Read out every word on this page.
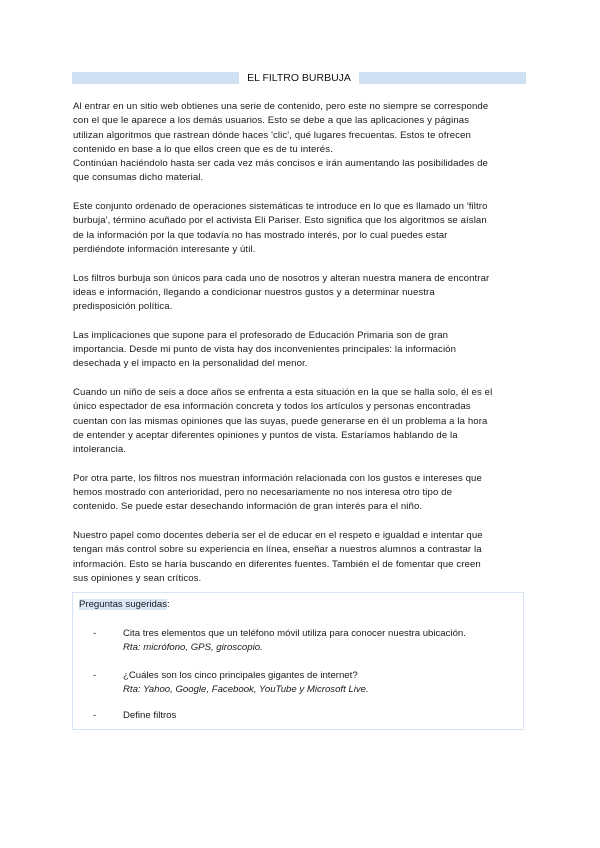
EL FILTRO BURBUJA

Al entrar en un sitio web obtienes una serie de contenido, pero este no siempre se corresponde
con el que le aparece a los demás usuarios. Esto se debe a que las aplicaciones y páginas
utilizan algoritmos que rastrean dónde haces 'clic', qué lugares frecuentas. Estos te ofrecen
contenido en base a lo que ellos creen que es de tu interés.
Continúan haciéndolo hasta ser cada vez más concisos e irán aumentando las posibilidades de
que consumas dicho material.

Este conjunto ordenado de operaciones sistemáticas te introduce en lo que es llamado un 'filtro
burbuja', término acuñado por el activista Eli Pariser. Esto significa que los algoritmos se aíslan
de la información por la que todavía no has mostrado interés, por lo cual puedes estar
perdiéndote información interesante y útil.

Los filtros burbuja son únicos para cada uno de nosotros y alteran nuestra manera de encontrar
ideas e información, llegando a condicionar nuestros gustos y a determinar nuestra
predisposición política.

Las implicaciones que supone para el profesorado de Educación Primaria son de gran
importancia. Desde mi punto de vista hay dos inconvenientes principales: la información
desechada y el impacto en la personalidad del menor.

Cuando un niño de seis a doce años se enfrenta a esta situación en la que se halla solo, él es el
único espectador de esa información concreta y todos los artículos y personas encontradas
cuentan con las mismas opiniones que las suyas, puede generarse en él un problema a la hora
de entender y aceptar diferentes opiniones y puntos de vista. Estaríamos hablando de la
intolerancia.

Por otra parte, los filtros nos muestran información relacionada con los gustos e intereses que
hemos mostrado con anterioridad, pero no necesariamente no nos interesa otro tipo de
contenido. Se puede estar desechando información de gran interés para el niño.

Nuestro papel como docentes debería ser el de educar en el respeto e igualdad e intentar que
tengan más control sobre su experiencia en línea, enseñar a nuestros alumnos a contrastar la
información. Esto se haría buscando en diferentes fuentes. También el de fomentar que creen
sus opiniones y sean críticos.

Preguntas sugeridas:
-	Cita tres elementos que un teléfono móvil utiliza para conocer nuestra ubicación.
Rta: micrófono, GPS, giroscopio.
-	¿Cuáles son los cinco principales gigantes de internet?
Rta: Yahoo, Google, Facebook, YouTube y Microsoft Live.
-	Define filtros
